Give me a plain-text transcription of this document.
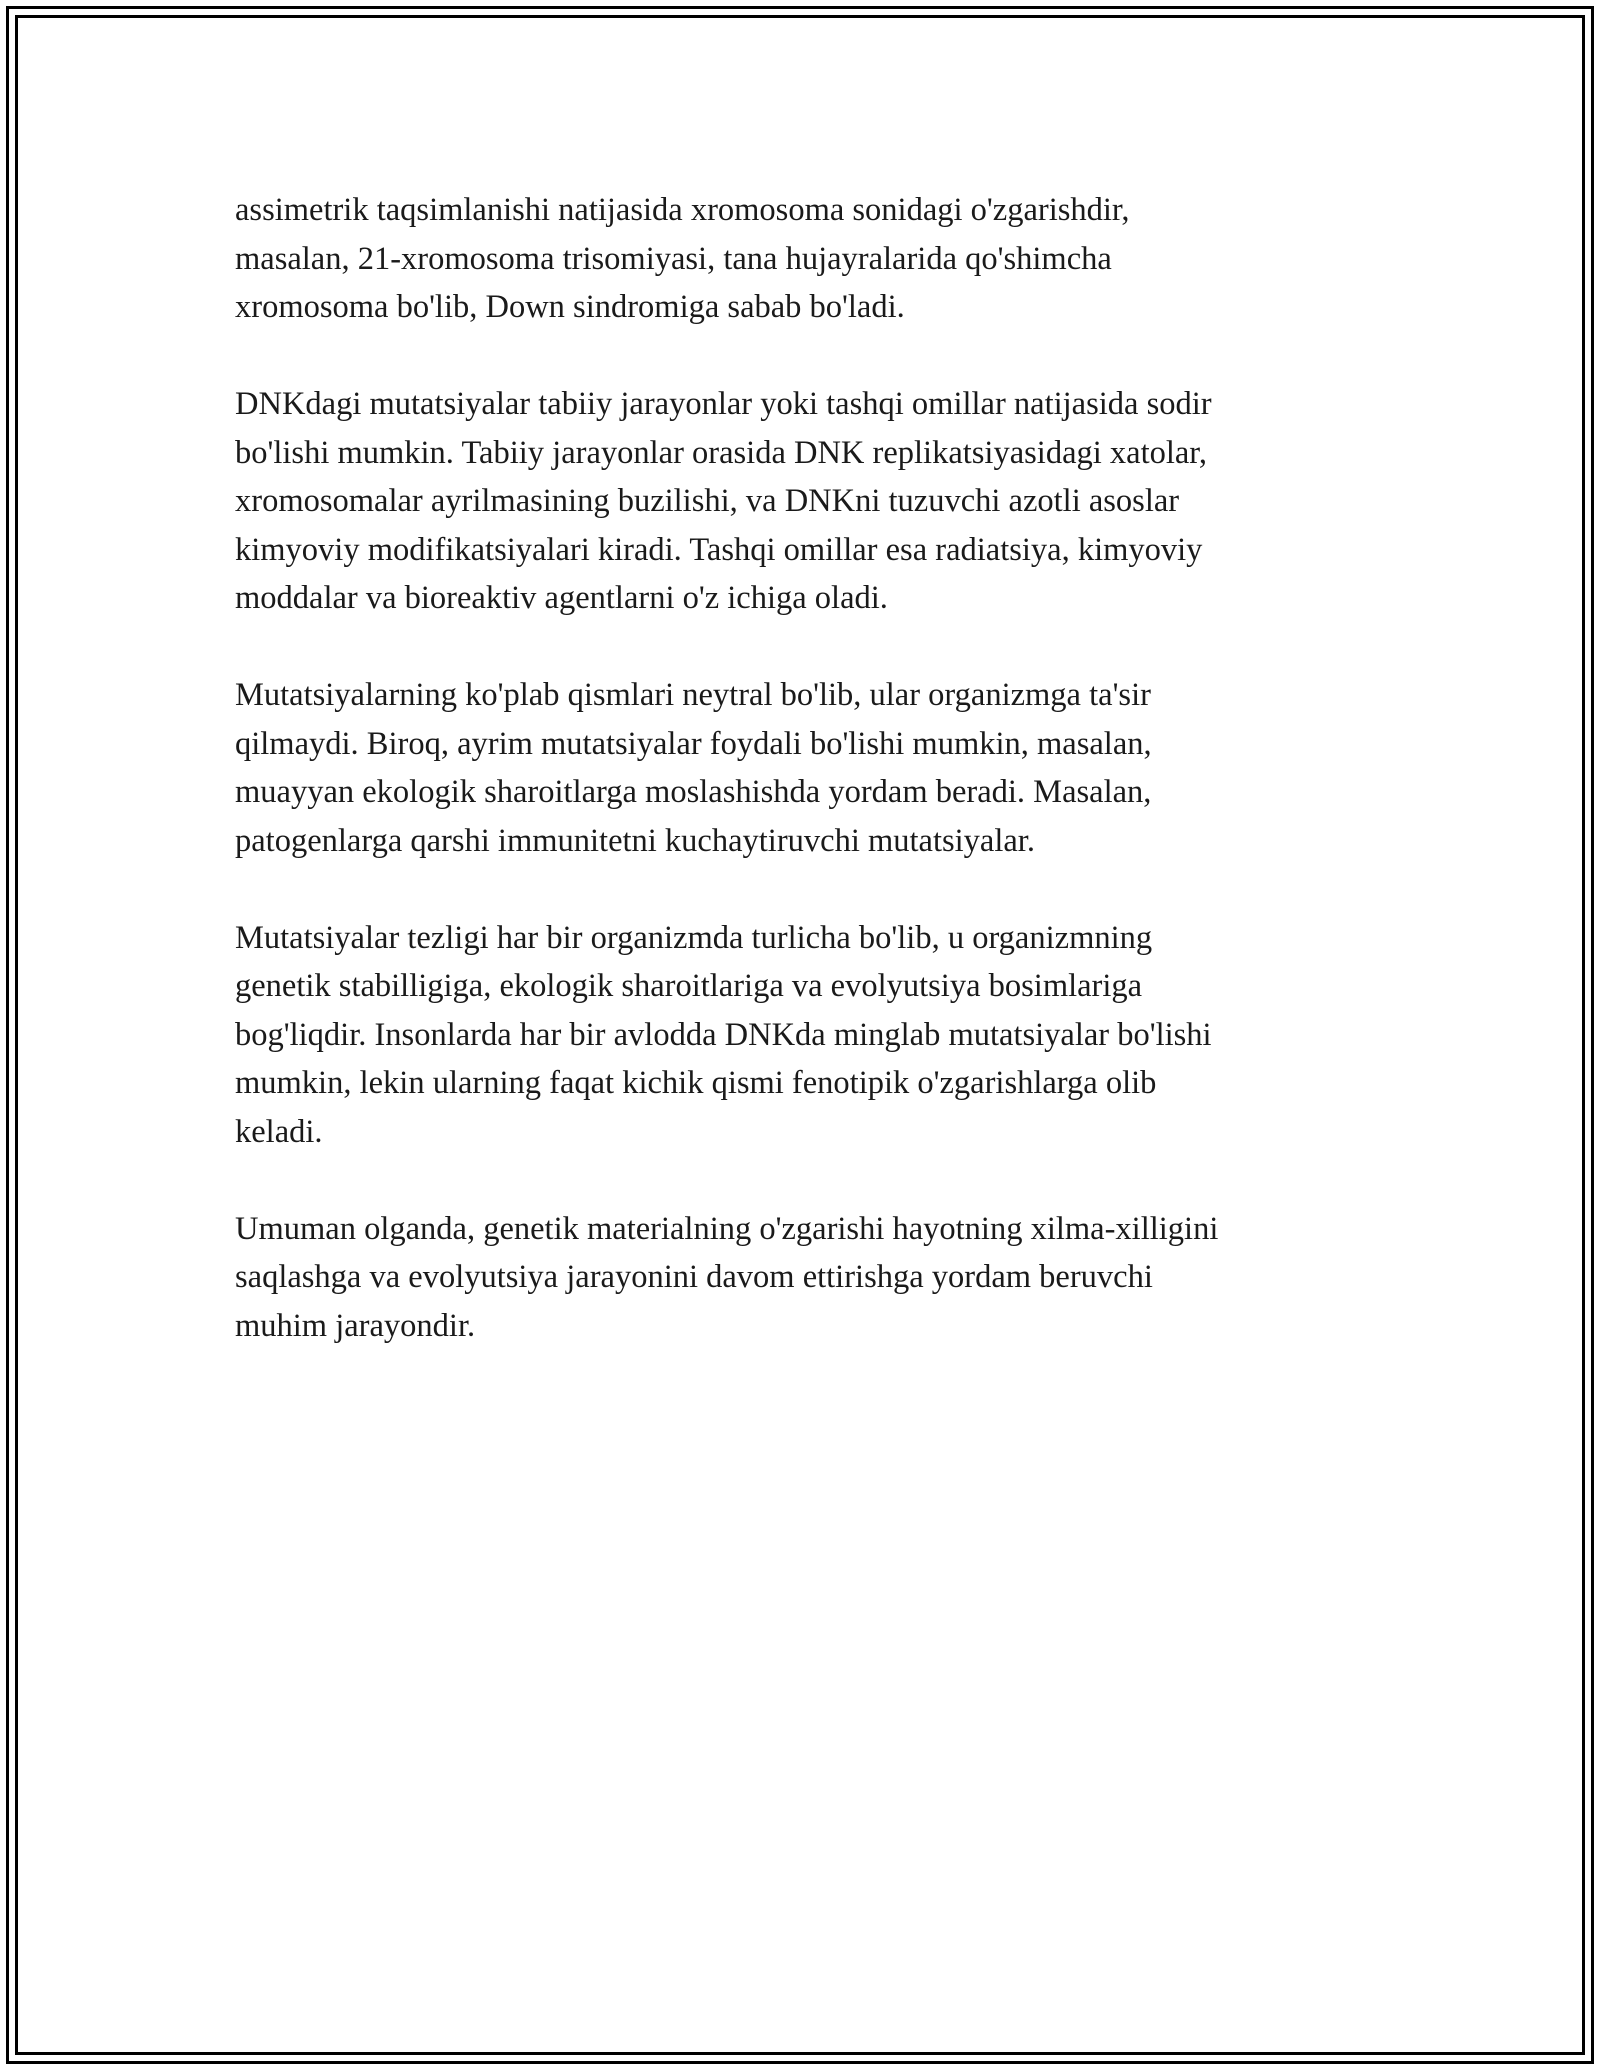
assimetrik taqsimlanishi natijasida xromosoma sonidagi o'zgarishdir,
masalan, 21-xromosoma trisomiyasi, tana hujayralarida qo'shimcha
xromosoma bo'lib, Down sindromiga sabab bo'ladi.

DNKdagi mutatsiyalar tabiiy jarayonlar yoki tashqi omillar natijasida sodir
bo'lishi mumkin. Tabiiy jarayonlar orasida DNK replikatsiyasidagi xatolar,
xromosomalar ayrilmasining buzilishi, va DNKni tuzuvchi azotli asoslar
kimyoviy modifikatsiyalari kiradi. Tashqi omillar esa radiatsiya, kimyoviy
moddalar va bioreaktiv agentlarni o'z ichiga oladi.

Mutatsiyalarning ko'plab qismlari neytral bo'lib, ular organizmga ta'sir
qilmaydi. Biroq, ayrim mutatsiyalar foydali bo'lishi mumkin, masalan,
muayyan ekologik sharoitlarga moslashishda yordam beradi. Masalan,
patogenlarga qarshi immunitetni kuchaytiruvchi mutatsiyalar.

Mutatsiyalar tezligi har bir organizmda turlicha bo'lib, u organizmning
genetik stabilligiga, ekologik sharoitlariga va evolyutsiya bosimlariga
bog'liqdir. Insonlarda har bir avlodda DNKda minglab mutatsiyalar bo'lishi
mumkin, lekin ularning faqat kichik qismi fenotipik o'zgarishlarga olib
keladi.

Umuman olganda, genetik materialning o'zgarishi hayotning xilma-xilligini
saqlashga va evolyutsiya jarayonini davom ettirishga yordam beruvchi
muhim jarayondir.
